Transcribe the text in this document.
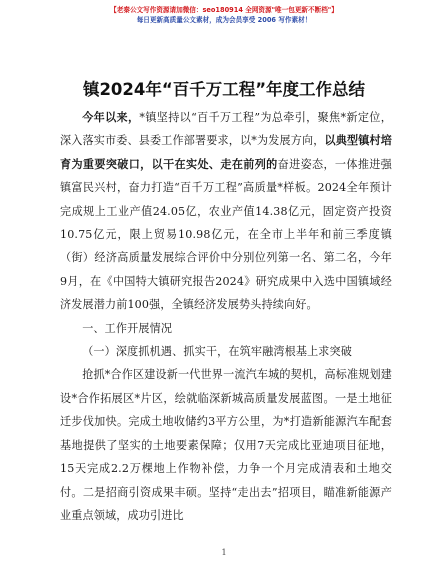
【老秦公文写作资源请加微信：seo180914 全网资源"唯一包更新不断档"】
每日更新高质量公文素材，成为会员享受 2006 写作素材！
镇2024年“百千万工程”年度工作总结

今年以来，*镇坚持以“百千万工程”为总牵引，聚焦*新定位，深入落实市委、县委工作部署要求，以*为发展方向，以典型镇村培育为重要突破口，以干在实处、走在前列的奋进姿态，一体推进强镇富民兴村，奋力打造“百千万工程”高质量*样板。2024全年预计完成规上工业产值24.05亿，农业产值14.38亿元，固定资产投资10.75亿元，限上贸易10.98亿元，在全市上半年和前三季度镇（街）经济高质量发展综合评价中分别位列第一名、第二名，今年9月，在《中国特大镇研究报告2024》研究成果中入选中国镇域经济发展潜力前100强，全镇经济发展势头持续向好。

一、工作开展情况

（一）深度抓机遇、抓实干，在筑牢融湾根基上求突破

抢抓*合作区建设新一代世界一流汽车城的契机，高标准规划建设*合作拓展区*片区，绘就临深新城高质量发展蓝图。一是土地征迁步伐加快。完成土地收储约3平方公里，为*打造新能源汽车配套基地提供了坚实的土地要素保障；仅用7天完成比亚迪项目征地，15天完成2.2万棵地上作物补偿，力争一个月完成清表和土地交付。二是招商引资成果丰硕。坚持“走出去”招项目，瞄准新能源产业重点领域，成功引进比

1
